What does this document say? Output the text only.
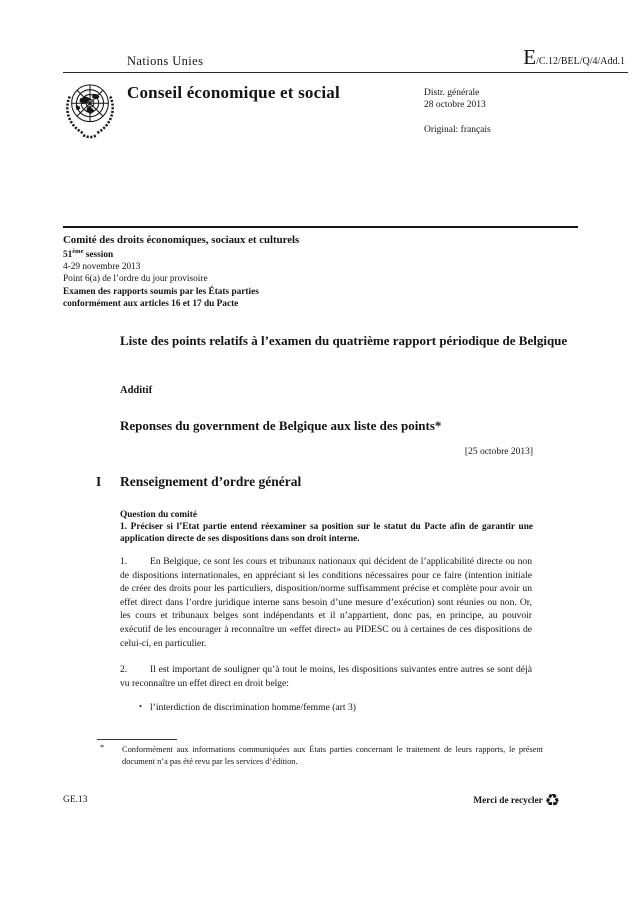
Nations Unies	E/C.12/BEL/Q/4/Add.1
Conseil économique et social	Distr. générale
28 octobre 2013
Original: français
Comité des droits économiques, sociaux et culturels
51ème session
4-29 novembre 2013
Point 6(a) de l’ordre du jour provisoire
Examen des rapports soumis par les États parties
conformément aux articles 16 et 17 du Pacte
Liste des points relatifs à l’examen du quatrième rapport périodique de Belgique
Additif
Reponses du government de Belgique aux liste des points*
[25 octobre 2013]
I Renseignement d’ordre général
Question du comité
1. Préciser si l’Etat partie entend réexaminer sa position sur le statut du Pacte afin de garantir une application directe de ses dispositions dans son droit interne.
1. En Belgique, ce sont les cours et tribunaux nationaux qui décident de l’applicabilité directe ou non de dispositions internationales, en appréciant si les conditions nécessaires pour ce faire (intention initiale de créer des droits pour les particuliers, disposition/norme suffisamment précise et complète pour avoir un effet direct dans l’ordre juridique interne sans besoin d’une mesure d’exécution) sont réunies ou non. Or, les cours et tribunaux belges sont indépendants et il n’appartient, donc pas, en principe, au pouvoir exécutif de les encourager à reconnaître un «effet direct» au PIDESC ou à certaines de ces dispositions de celui-ci, en particulier.
2. Il est important de souligner qu’à tout le moins, les dispositions suivantes entre autres se sont déjà vu reconnaître un effet direct en droit belge:
• l’interdiction de discrimination homme/femme (art 3)
* Conformément aux informations communiquées aux États parties concernant le traitement de leurs rapports, le présent document n’a pas été revu par les services d’édition.
GE.13	Merci de recycler ♻
